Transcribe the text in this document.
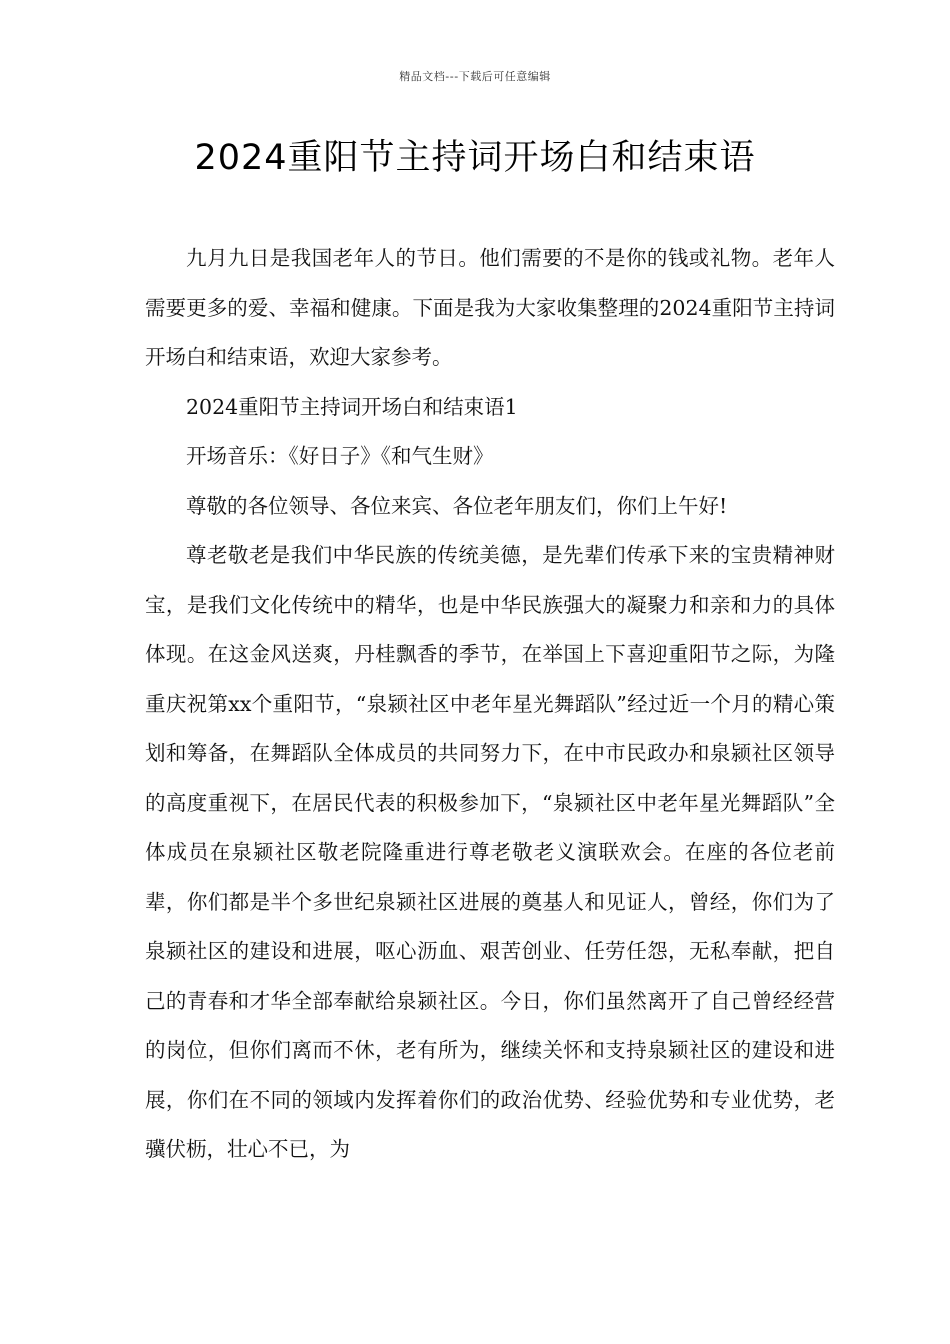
精品文档---下载后可任意编辑
2024重阳节主持词开场白和结束语

九月九日是我国老年人的节日。他们需要的不是你的钱或礼物。老年人需要更多的爱、幸福和健康。下面是我为大家收集整理的2024重阳节主持词开场白和结束语，欢迎大家参考。

2024重阳节主持词开场白和结束语1

开场音乐：《好日子》《和气生财》

尊敬的各位领导、各位来宾、各位老年朋友们，你们上午好!

尊老敬老是我们中华民族的传统美德，是先辈们传承下来的宝贵精神财宝，是我们文化传统中的精华，也是中华民族强大的凝聚力和亲和力的具体体现。在这金风送爽，丹桂飘香的季节，在举国上下喜迎重阳节之际，为隆重庆祝第xx个重阳节，“泉颍社区中老年星光舞蹈队”经过近一个月的精心策划和筹备，在舞蹈队全体成员的共同努力下，在中市民政办和泉颍社区领导的高度重视下，在居民代表的积极参加下，“泉颍社区中老年星光舞蹈队”全体成员在泉颍社区敬老院隆重进行尊老敬老义演联欢会。在座的各位老前辈，你们都是半个多世纪泉颍社区进展的奠基人和见证人，曾经，你们为了泉颍社区的建设和进展，呕心沥血、艰苦创业、任劳任怨，无私奉献，把自己的青春和才华全部奉献给泉颍社区。今日，你们虽然离开了自己曾经经营的岗位，但你们离而不休，老有所为，继续关怀和支持泉颍社区的建设和进展，你们在不同的领域内发挥着你们的政治优势、经验优势和专业优势，老骥伏枥，壮心不已，为
